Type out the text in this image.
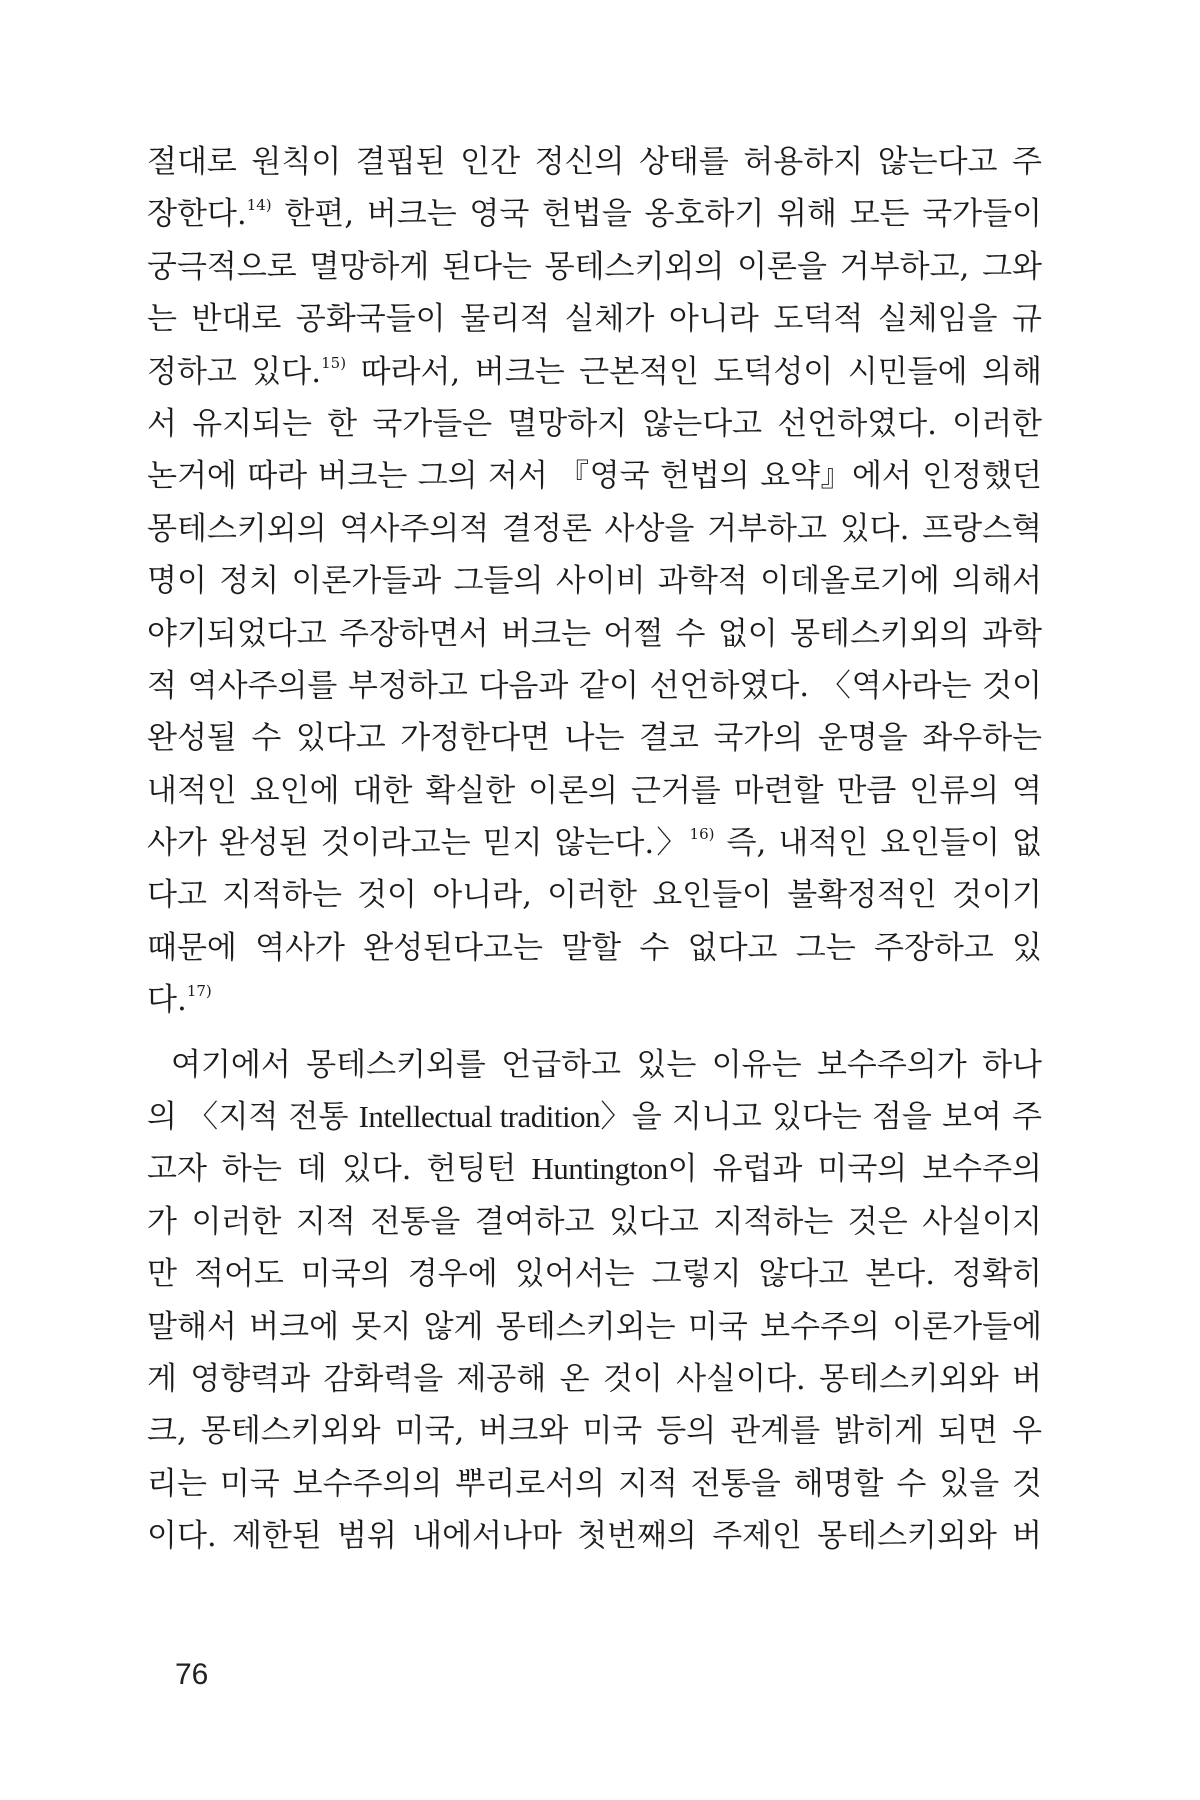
절대로 원칙이 결핍된 인간 정신의 상태를 허용하지 않는다고 주
장한다.$^{14)}$ 한편, 버크는 영국 헌법을 옹호하기 위해 모든 국가들이
궁극적으로 멸망하게 된다는 몽테스키외의 이론을 거부하고, 그와
는 반대로 공화국들이 물리적 실체가 아니라 도덕적 실체임을 규
정하고 있다.$^{15)}$ 따라서, 버크는 근본적인 도덕성이 시민들에 의해
서 유지되는 한 국가들은 멸망하지 않는다고 선언하였다. 이러한
논거에 따라 버크는 그의 저서 『영국 헌법의 요약』에서 인정했던
몽테스키외의 역사주의적 결정론 사상을 거부하고 있다. 프랑스혁
명이 정치 이론가들과 그들의 사이비 과학적 이데올로기에 의해서
야기되었다고 주장하면서 버크는 어쩔 수 없이 몽테스키외의 과학
적 역사주의를 부정하고 다음과 같이 선언하였다. 〈역사라는 것이
완성될 수 있다고 가정한다면 나는 결코 국가의 운명을 좌우하는
내적인 요인에 대한 확실한 이론의 근거를 마련할 만큼 인류의 역
사가 완성된 것이라고는 믿지 않는다.〉$^{16)}$ 즉, 내적인 요인들이 없
다고 지적하는 것이 아니라, 이러한 요인들이 불확정적인 것이기
때문에 역사가 완성된다고는 말할 수 없다고 그는 주장하고 있
다.$^{17)}$
여기에서 몽테스키외를 언급하고 있는 이유는 보수주의가 하나
의 〈지적 전통 Intellectual tradition〉을 지니고 있다는 점을 보여 주
고자 하는 데 있다. 헌팅턴 Huntington이 유럽과 미국의 보수주의
가 이러한 지적 전통을 결여하고 있다고 지적하는 것은 사실이지
만 적어도 미국의 경우에 있어서는 그렇지 않다고 본다. 정확히
말해서 버크에 못지 않게 몽테스키외는 미국 보수주의 이론가들에
게 영향력과 감화력을 제공해 온 것이 사실이다. 몽테스키외와 버
크, 몽테스키외와 미국, 버크와 미국 등의 관계를 밝히게 되면 우
리는 미국 보수주의의 뿌리로서의 지적 전통을 해명할 수 있을 것
이다. 제한된 범위 내에서나마 첫번째의 주제인 몽테스키외와 버
76
